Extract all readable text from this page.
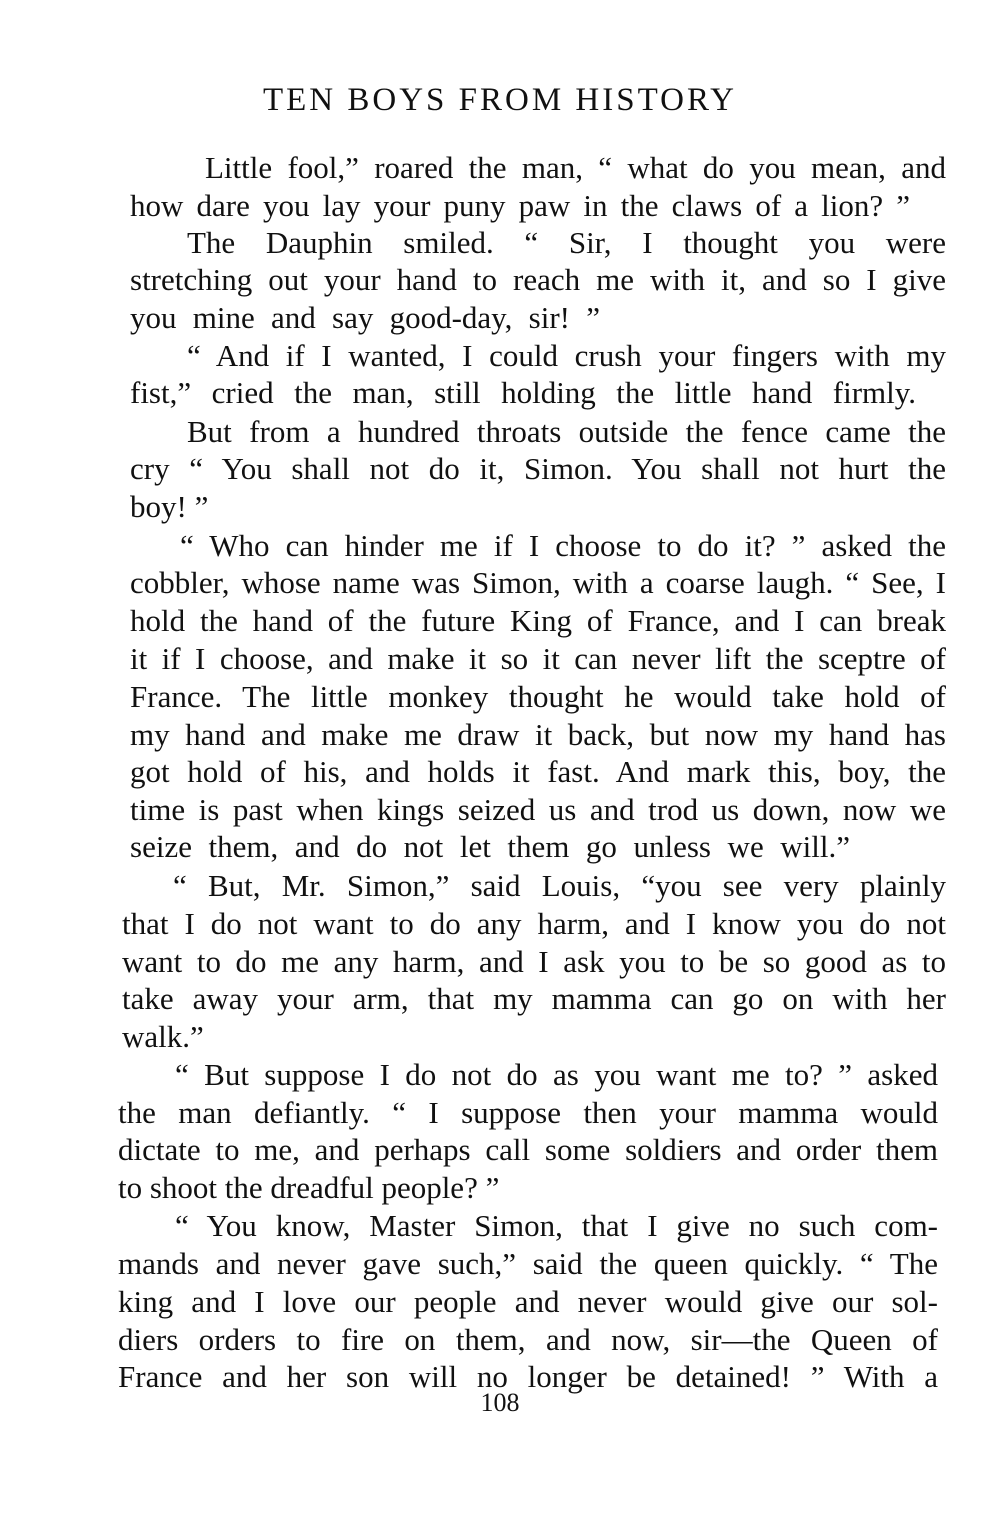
TEN BOYS FROM HISTORY
Little fool,” roared the man, “ what do you mean, and
how dare you lay your puny paw in the claws of a lion? ”
The Dauphin smiled. “ Sir, I thought you were
stretching out your hand to reach me with it, and so I give
you mine and say good-day, sir! ”
“ And if I wanted, I could crush your fingers with my
fist,” cried the man, still holding the little hand firmly.
But from a hundred throats outside the fence came the
cry “ You shall not do it, Simon. You shall not hurt the
boy! ”
“ Who can hinder me if I choose to do it? ” asked the
cobbler, whose name was Simon, with a coarse laugh. “ See, I
hold the hand of the future King of France, and I can break
it if I choose, and make it so it can never lift the sceptre of
France. The little monkey thought he would take hold of
my hand and make me draw it back, but now my hand has
got hold of his, and holds it fast. And mark this, boy, the
time is past when kings seized us and trod us down, now we
seize them, and do not let them go unless we will.”
“ But, Mr. Simon,” said Louis, “you see very plainly
that I do not want to do any harm, and I know you do not
want to do me any harm, and I ask you to be so good as to
take away your arm, that my mamma can go on with her
walk.”
“ But suppose I do not do as you want me to? ” asked
the man defiantly. “ I suppose then your mamma would
dictate to me, and perhaps call some soldiers and order them
to shoot the dreadful people? ”
“ You know, Master Simon, that I give no such com-
mands and never gave such,” said the queen quickly. “ The
king and I love our people and never would give our sol-
diers orders to fire on them, and now, sir—the Queen of
France and her son will no longer be detained! ” With a
108
